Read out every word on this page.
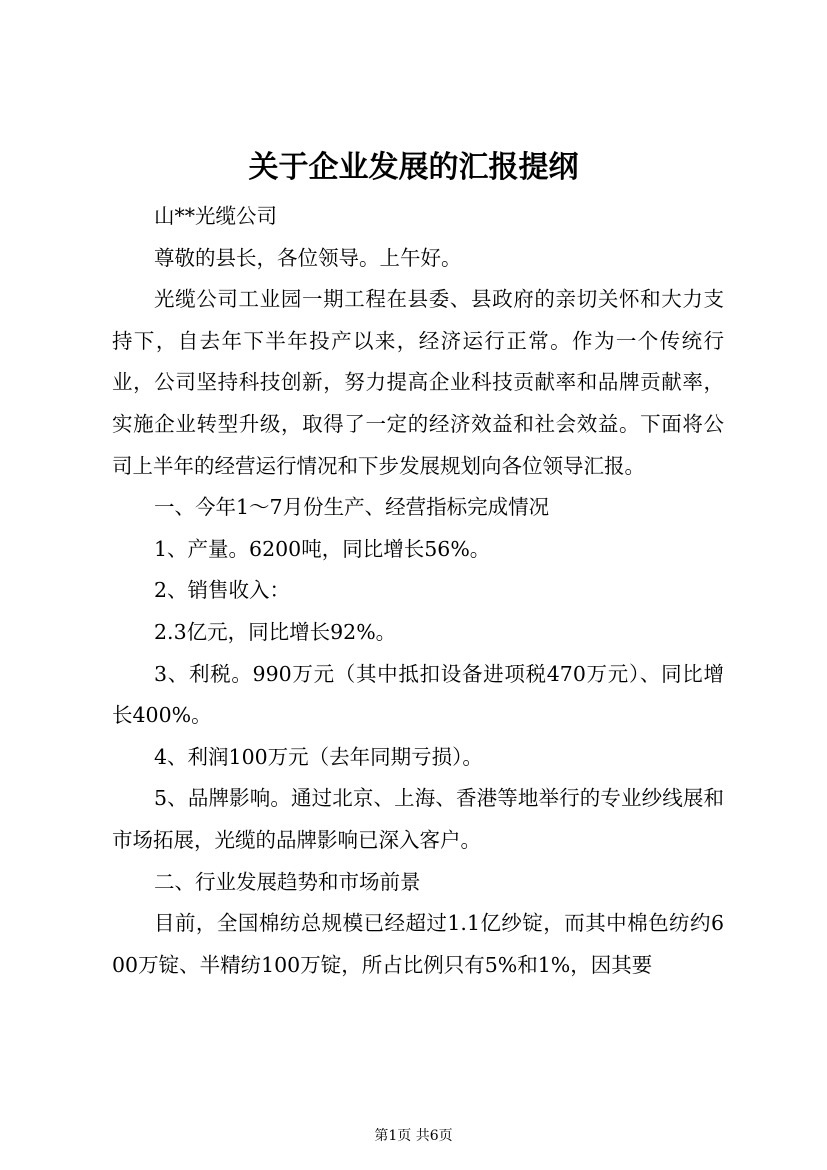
关于企业发展的汇报提纲

山**光缆公司

尊敬的县长，各位领导。上午好。

光缆公司工业园一期工程在县委、县政府的亲切关怀和大力支持下，自去年下半年投产以来，经济运行正常。作为一个传统行业，公司坚持科技创新，努力提高企业科技贡献率和品牌贡献率，实施企业转型升级，取得了一定的经济效益和社会效益。下面将公司上半年的经营运行情况和下步发展规划向各位领导汇报。

一、今年1～7月份生产、经营指标完成情况

1、产量。6200吨，同比增长56%。

2、销售收入：

2.3亿元，同比增长92%。

3、利税。990万元（其中抵扣设备进项税470万元）、同比增长400%。

4、利润100万元（去年同期亏损）。

5、品牌影响。通过北京、上海、香港等地举行的专业纱线展和市场拓展，光缆的品牌影响已深入客户。

二、行业发展趋势和市场前景

目前，全国棉纺总规模已经超过1.1亿纱锭，而其中棉色纺约600万锭、半精纺100万锭，所占比例只有5%和1%，因其要

第1页 共6页
